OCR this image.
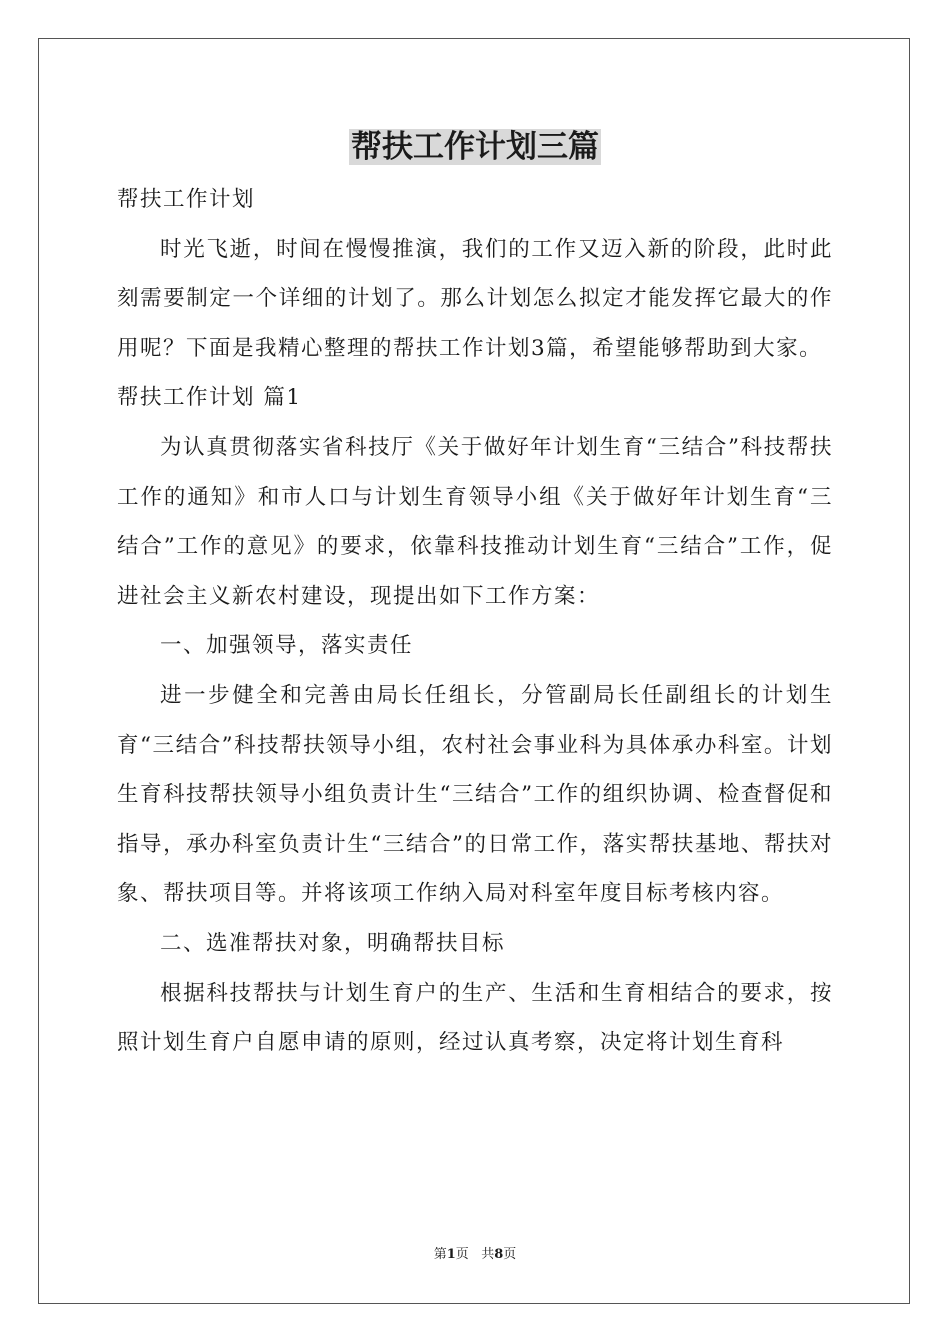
帮扶工作计划三篇

帮扶工作计划

时光飞逝，时间在慢慢推演，我们的工作又迈入新的阶段，此时此刻需要制定一个详细的计划了。那么计划怎么拟定才能发挥它最大的作用呢？下面是我精心整理的帮扶工作计划3篇，希望能够帮助到大家。

帮扶工作计划 篇1

为认真贯彻落实省科技厅《关于做好年计划生育“三结合”科技帮扶工作的通知》和市人口与计划生育领导小组《关于做好年计划生育“三结合”工作的意见》的要求，依靠科技推动计划生育“三结合”工作，促进社会主义新农村建设，现提出如下工作方案：

一、加强领导，落实责任

进一步健全和完善由局长任组长，分管副局长任副组长的计划生育“三结合”科技帮扶领导小组，农村社会事业科为具体承办科室。计划生育科技帮扶领导小组负责计生“三结合”工作的组织协调、检查督促和指导，承办科室负责计生“三结合”的日常工作，落实帮扶基地、帮扶对象、帮扶项目等。并将该项工作纳入局对科室年度目标考核内容。

二、选准帮扶对象，明确帮扶目标

根据科技帮扶与计划生育户的生产、生活和生育相结合的要求，按照计划生育户自愿申请的原则，经过认真考察，决定将计划生育科

第1页 共8页
